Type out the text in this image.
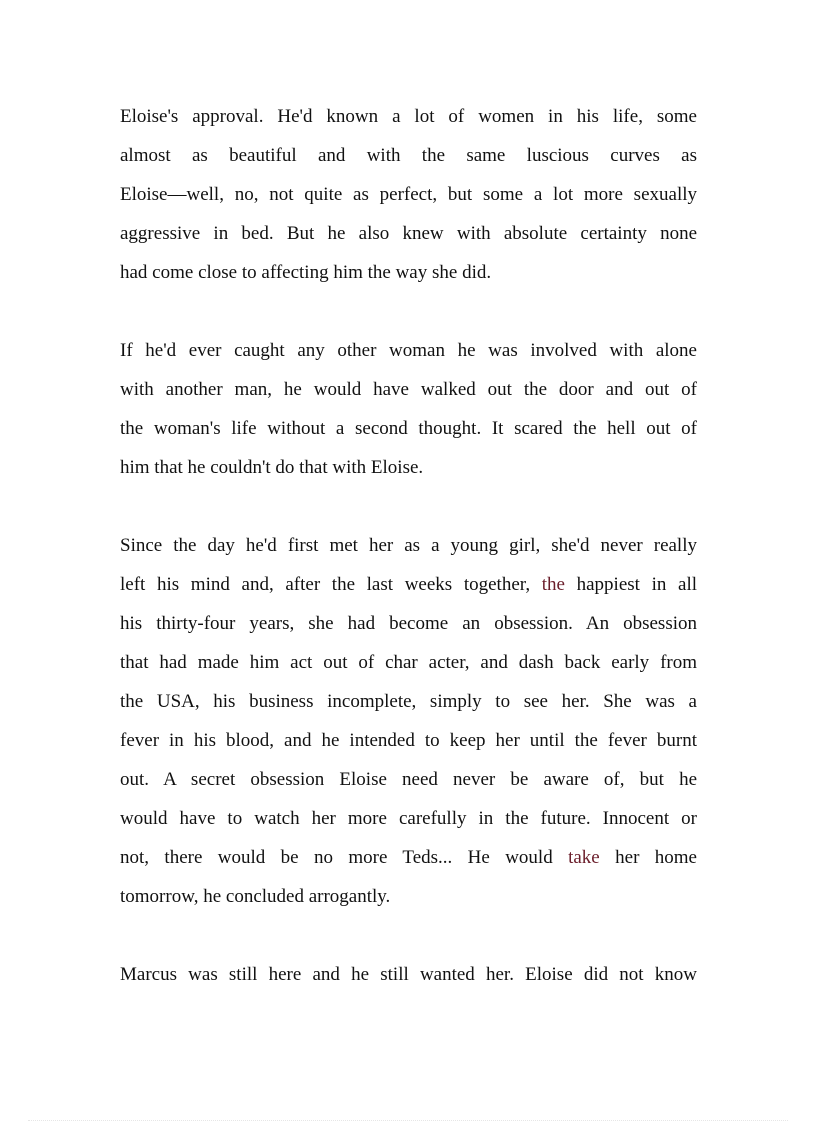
Eloise's approval. He'd known a lot of women in his life, some
almost as beautiful and with the same luscious curves as
Eloise—well, no, not quite as perfect, but some a lot more sexually
aggressive in bed. But he also knew with absolute certainty none
had come close to affecting him the way she did.
If he'd ever caught any other woman he was involved with alone
with another man, he would have walked out the door and out of
the woman's life without a second thought. It scared the hell out of
him that he couldn't do that with Eloise.
Since the day he'd first met her as a young girl, she'd never really
left his mind and, after the last weeks together, the happiest in all
his thirty-four years, she had become an obsession. An obsession
that had made him act out of char acter, and dash back early from
the USA, his business incomplete, simply to see her. She was a
fever in his blood, and he intended to keep her until the fever burnt
out. A secret obsession Eloise need never be aware of, but he
would have to watch her more carefully in the future. Innocent or
not, there would be no more Teds... He would take her home
tomorrow, he concluded arrogantly.
Marcus was still here and he still wanted her. Eloise did not know
